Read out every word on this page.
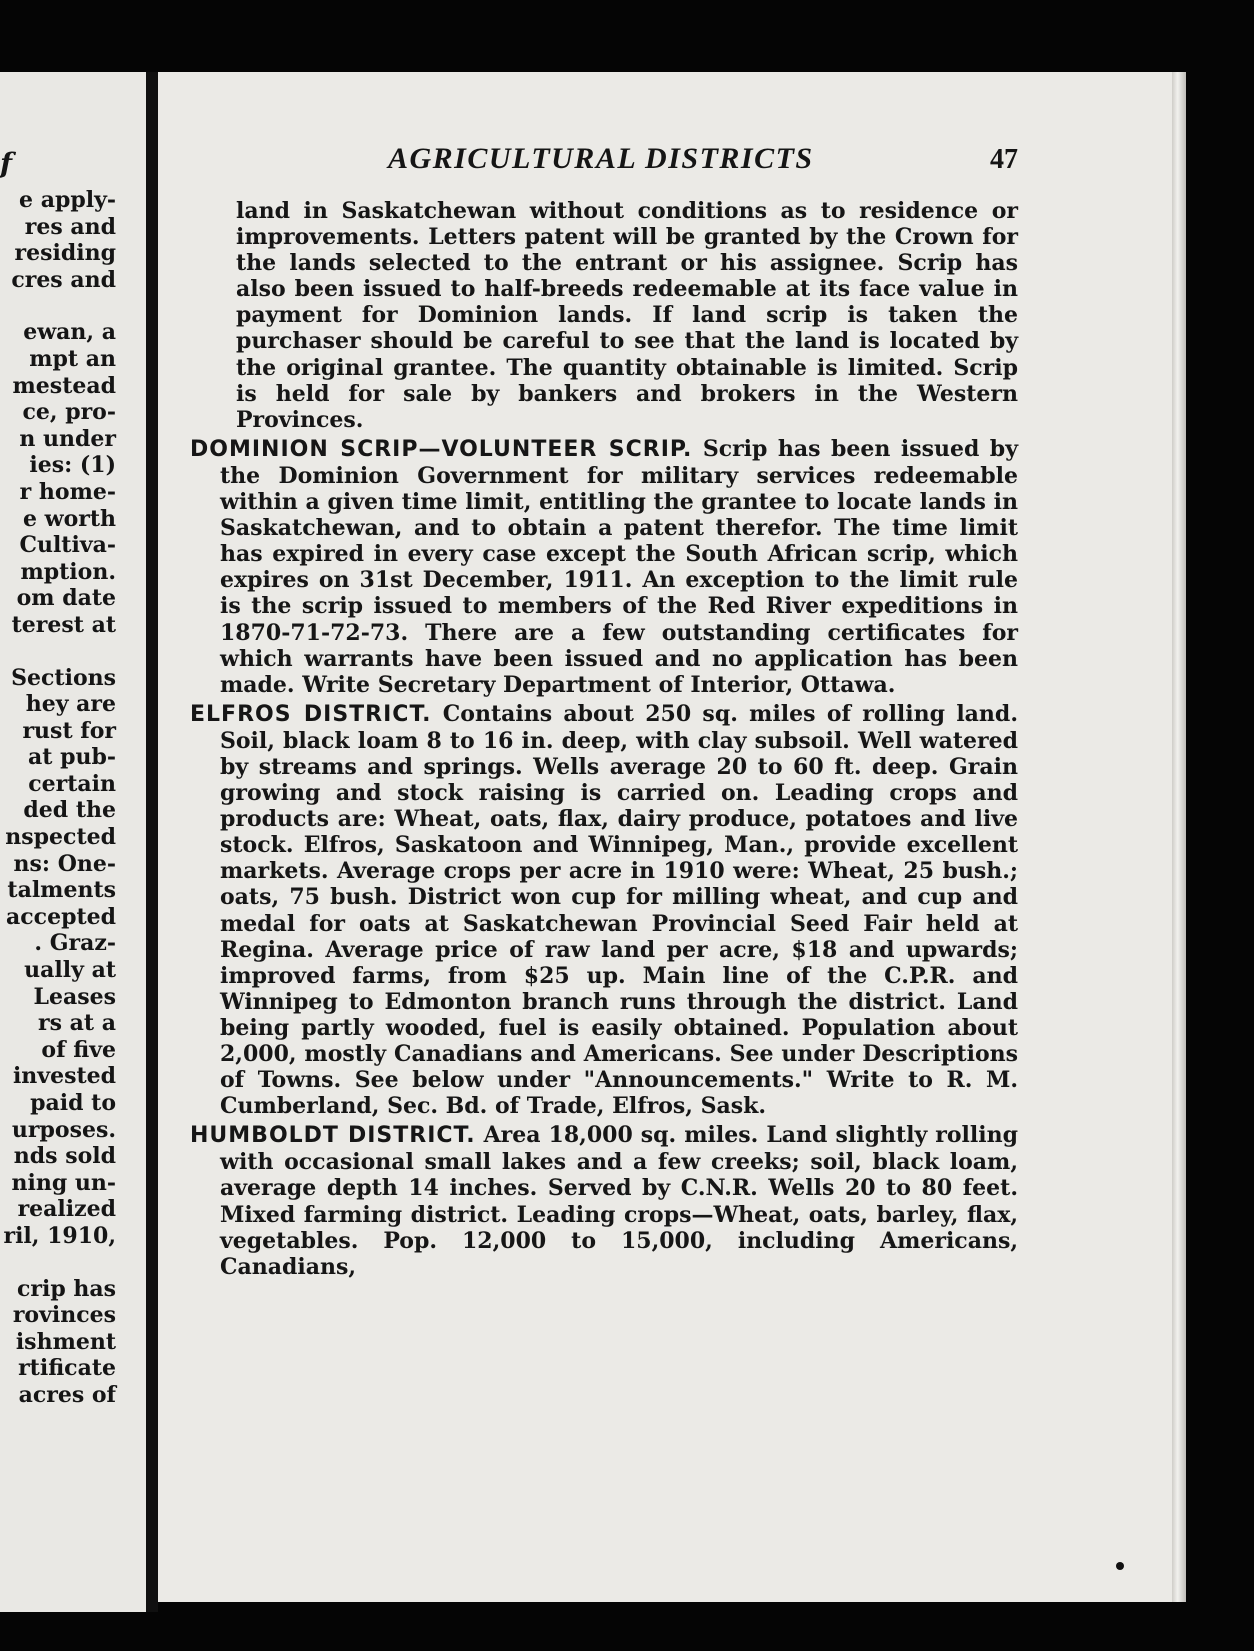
f
e apply-
res and
residing
cres and
ewan, a
mpt an
mestead
ce, pro-
n under
ies: (1)
r home-
e worth
Cultiva-
mption.
om date
terest at
Sections
hey are
rust for
at pub-
certain
ded the
nspected
ns: One-
talments
accepted
. Graz-
ually at
Leases
rs at a
of five
invested
paid to
urposes.
nds sold
ning un-
realized
ril, 1910,
crip has
rovinces
ishment
rtificate
acres of
AGRICULTURAL DISTRICTS	47

land in Saskatchewan without conditions as to residence or improvements. Letters patent will be granted by the Crown for the lands selected to the entrant or his assignee. Scrip has also been issued to half-breeds redeemable at its face value in payment for Dominion lands. If land scrip is taken the purchaser should be careful to see that the land is located by the original grantee. The quantity obtainable is limited. Scrip is held for sale by bankers and brokers in the Western Provinces.

DOMINION SCRIP—VOLUNTEER SCRIP. Scrip has been issued by the Dominion Government for military services redeemable within a given time limit, entitling the grantee to locate lands in Saskatchewan, and to obtain a patent therefor. The time limit has expired in every case except the South African scrip, which expires on 31st December, 1911. An exception to the limit rule is the scrip issued to members of the Red River expeditions in 1870-71-72-73. There are a few outstanding certificates for which warrants have been issued and no application has been made. Write Secretary Department of Interior, Ottawa.

ELFROS DISTRICT. Contains about 250 sq. miles of rolling land. Soil, black loam 8 to 16 in. deep, with clay subsoil. Well watered by streams and springs. Wells average 20 to 60 ft. deep. Grain growing and stock raising is carried on. Leading crops and products are: Wheat, oats, flax, dairy produce, potatoes and live stock. Elfros, Saskatoon and Winnipeg, Man., provide excellent markets. Average crops per acre in 1910 were: Wheat, 25 bush.; oats, 75 bush. District won cup for milling wheat, and cup and medal for oats at Saskatchewan Provincial Seed Fair held at Regina. Average price of raw land per acre, $18 and upwards; improved farms, from $25 up. Main line of the C.P.R. and Winnipeg to Edmonton branch runs through the district. Land being partly wooded, fuel is easily obtained. Population about 2,000, mostly Canadians and Americans. See under Descriptions of Towns. See below under "Announcements." Write to R. M. Cumberland, Sec. Bd. of Trade, Elfros, Sask.

HUMBOLDT DISTRICT. Area 18,000 sq. miles. Land slightly rolling with occasional small lakes and a few creeks; soil, black loam, average depth 14 inches. Served by C.N.R. Wells 20 to 80 feet. Mixed farming district. Leading crops—Wheat, oats, barley, flax, vegetables. Pop. 12,000 to 15,000, including Americans, Canadians,
